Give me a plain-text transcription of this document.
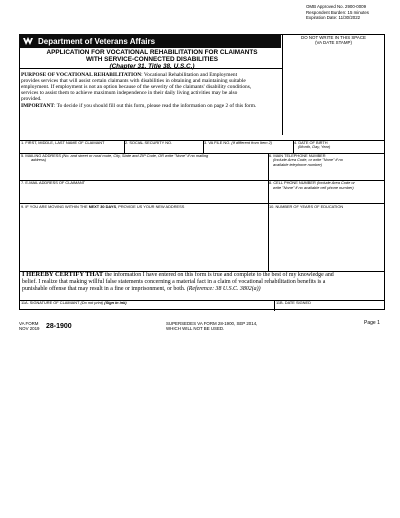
OMB Approved No. 2900-0009
Respondent Burden: 15 minutes
Expiration Date: 11/30/2022
Department of Veterans Affairs
APPLICATION FOR VOCATIONAL REHABILITATION FOR CLAIMANTS
WITH SERVICE-CONNECTED DISABILITIES
(Chapter 31, Title 38, U.S.C.)
DO NOT WRITE IN THIS SPACE
(VA DATE STAMP)
PURPOSE OF VOCATIONAL REHABILITATION: Vocational Rehabilitation and Employment
provides services that will assist certain claimants with disabilities in obtaining and maintaining suitable
employment. If employment is not an option because of the severity of the claimants' disability conditions,
services to assist them to achieve maximum independence in their daily living activities may be also
provided.
IMPORTANT: To decide if you should fill out this form, please read the information on page 2 of this form.
1. FIRST, MIDDLE, LAST NAME OF CLAIMANT	2. SOCIAL SECURITY NO.	3. VA FILE NO. (If different from Item 2)	4. DATE OF BIRTH
(Month, Day, Year)
5. MAILING ADDRESS (No. and street or rural route, City, State and ZIP Code, OR write "None" if no mailing
address)
6. MAIN TELEPHONE NUMBER
(Include Area Code, or write "None" if no
available telephone number)
7. E-MAIL ADDRESS OF CLAIMANT	8. CELL PHONE NUMBER (Include Area Code or
write "None" if no available cell phone number)
9. IF YOU ARE MOVING WITHIN THE NEXT 30 DAYS, PROVIDE US YOUR NEW ADDRESS	10. NUMBER OF YEARS OF EDUCATION
I HEREBY CERTIFY THAT the information I have entered on this form is true and complete to the best of my knowledge and
belief. I realize that making willful false statements concerning a material fact in a claim of vocational rehabilitation benefits is a
punishable offense that may result in a fine or imprisonment, or both. (Reference: 38 U.S.C. 3802(a))
11A. SIGNATURE OF CLAIMANT (Do not print) (Sign in ink)	11B. DATE SIGNED
VA FORM
NOV 2019 28-1900	SUPERSEDES VA FORM 28-1900, SEP 2014,
WHICH WILL NOT BE USED.
Page 1
